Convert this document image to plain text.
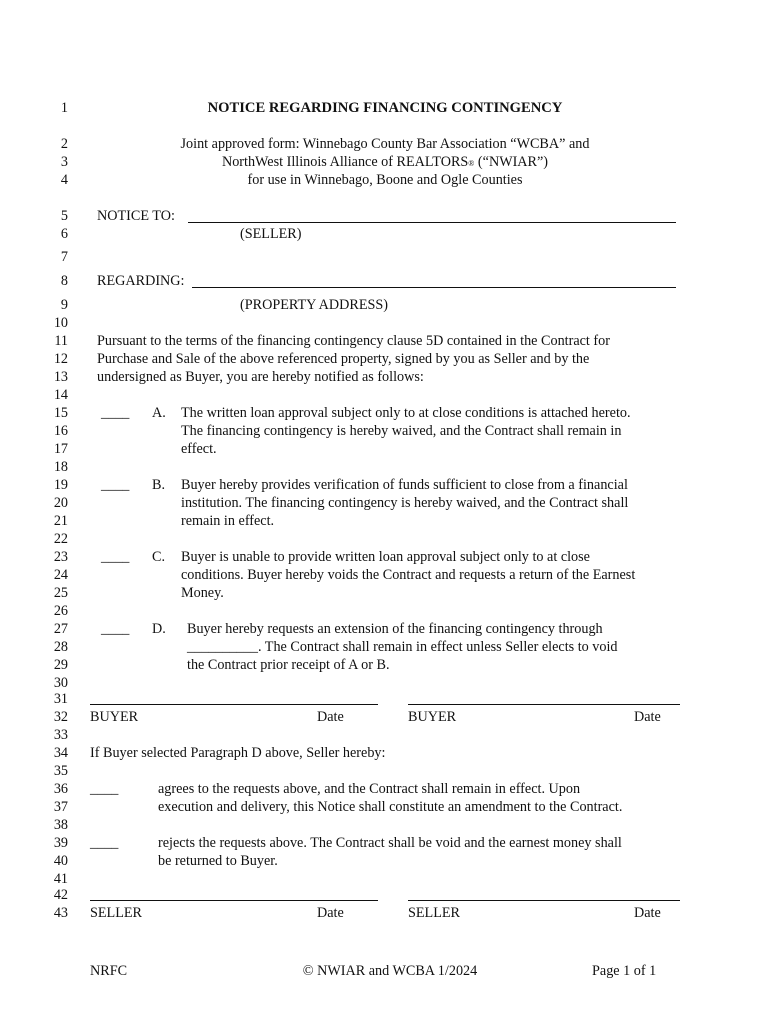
1
2
3
4
5
6
7
8
9
10
11
12
13
14
15
16
17
18
19
20
21
22
23
24
25
26
27
28
29
30
31
32
33
34
35
36
37
38
39
40
41
42
43
NOTICE REGARDING FINANCING CONTINGENCY
Joint approved form: Winnebago County Bar Association “WCBA” and
NorthWest Illinois Alliance of REALTORS® (“NWIAR”)
for use in Winnebago, Boone and Ogle Counties
NOTICE TO:
(SELLER)
REGARDING:
(PROPERTY ADDRESS)
Pursuant to the terms of the financing contingency clause 5D contained in the Contract for
Purchase and Sale of the above referenced property, signed by you as Seller and by the
undersigned as Buyer, you are hereby notified as follows:
____ A. The written loan approval subject only to at close conditions is attached hereto.
The financing contingency is hereby waived, and the Contract shall remain in
effect.
____ B. Buyer hereby provides verification of funds sufficient to close from a financial
institution. The financing contingency is hereby waived, and the Contract shall
remain in effect.
____ C. Buyer is unable to provide written loan approval subject only to at close
conditions. Buyer hereby voids the Contract and requests a return of the Earnest
Money.
____ D. Buyer hereby requests an extension of the financing contingency through
__________. The Contract shall remain in effect unless Seller elects to void
the Contract prior receipt of A or B.
BUYER	Date	BUYER	Date
If Buyer selected Paragraph D above, Seller hereby:
____	agrees to the requests above, and the Contract shall remain in effect. Upon
execution and delivery, this Notice shall constitute an amendment to the Contract.
____	rejects the requests above. The Contract shall be void and the earnest money shall
be returned to Buyer.
SELLER	Date	SELLER	Date
NRFC	© NWIAR and WCBA 1/2024	Page 1 of 1
